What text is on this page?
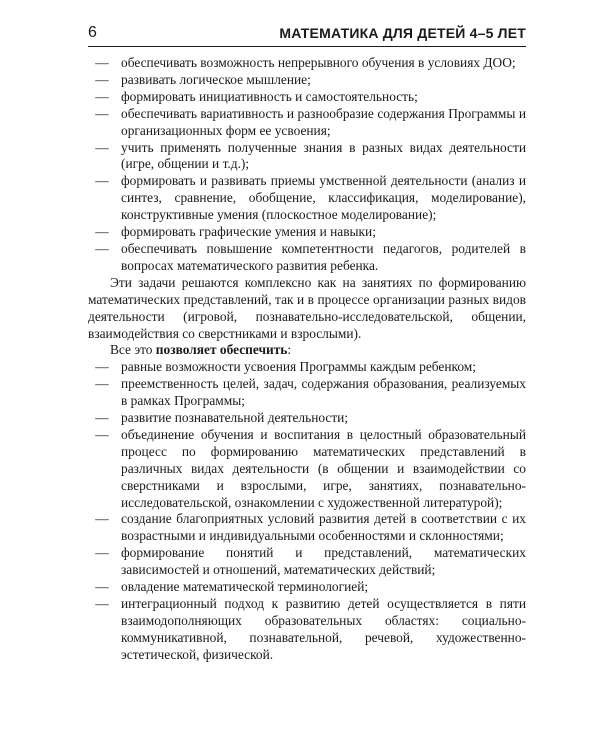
6	МАТЕМАТИКА ДЛЯ ДЕТЕЙ 4–5 ЛЕТ

— обеспечивать возможность непрерывного обучения в условиях ДОО;

— развивать логическое мышление;

— формировать инициативность и самостоятельность;

— обеспечивать вариативность и разнообразие содержания Программы и организационных форм ее усвоения;

— учить применять полученные знания в разных видах деятельности (игре, общении и т.д.);

— формировать и развивать приемы умственной деятельности (анализ и синтез, сравнение, обобщение, классификация, моделирование), конструктивные умения (плоскостное моделирование);

— формировать графические умения и навыки;

— обеспечивать повышение компетентности педагогов, родителей в вопросах математического развития ребенка.

Эти задачи решаются комплексно как на занятиях по формированию математических представлений, так и в процессе организации разных видов деятельности (игровой, познавательно-исследовательской, общении, взаимодействия со сверстниками и взрослыми).

Все это позволяет обеспечить:

— равные возможности усвоения Программы каждым ребенком;

— преемственность целей, задач, содержания образования, реализуемых в рамках Программы;

— развитие познавательной деятельности;

— объединение обучения и воспитания в целостный образовательный процесс по формированию математических представлений в различных видах деятельности (в общении и взаимодействии со сверстниками и взрослыми, игре, занятиях, познавательно-исследовательской, ознакомлении с художественной литературой);

— создание благоприятных условий развития детей в соответствии с их возрастными и индивидуальными особенностями и склонностями;

— формирование понятий и представлений, математических зависимостей и отношений, математических действий;

— овладение математической терминологией;

— интеграционный подход к развитию детей осуществляется в пяти взаимодополняющих образовательных областях: социально-коммуникативной, познавательной, речевой, художественно-эстетической, физической.
